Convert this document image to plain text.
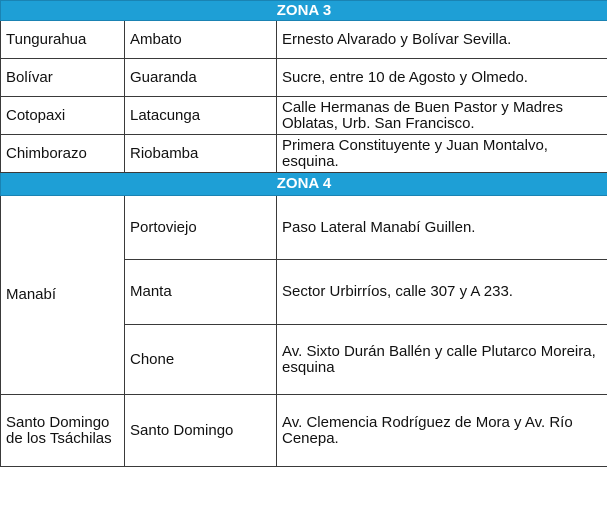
ZONA 3		
Tungurahua	Ambato	Ernesto Alvarado y Bolívar Sevilla.
Bolívar	Guaranda	Sucre, entre 10 de Agosto y Olmedo.
Cotopaxi	Latacunga	Calle Hermanas de Buen Pastor y Madres Oblatas, Urb. San Francisco.
Chimborazo	Riobamba	Primera Constituyente y Juan Montalvo, esquina.
ZONA 4		
Manabí	Portoviejo	Paso Lateral Manabí Guillen.
	Manta	Sector Urbirríos, calle 307 y A 233.
	Chone	Av. Sixto Durán Ballén y calle Plutarco Moreira, esquina
Santo Domingo de los Tsáchilas	Santo Domingo	Av. Clemencia Rodríguez de Mora y Av. Río Cenepa.
